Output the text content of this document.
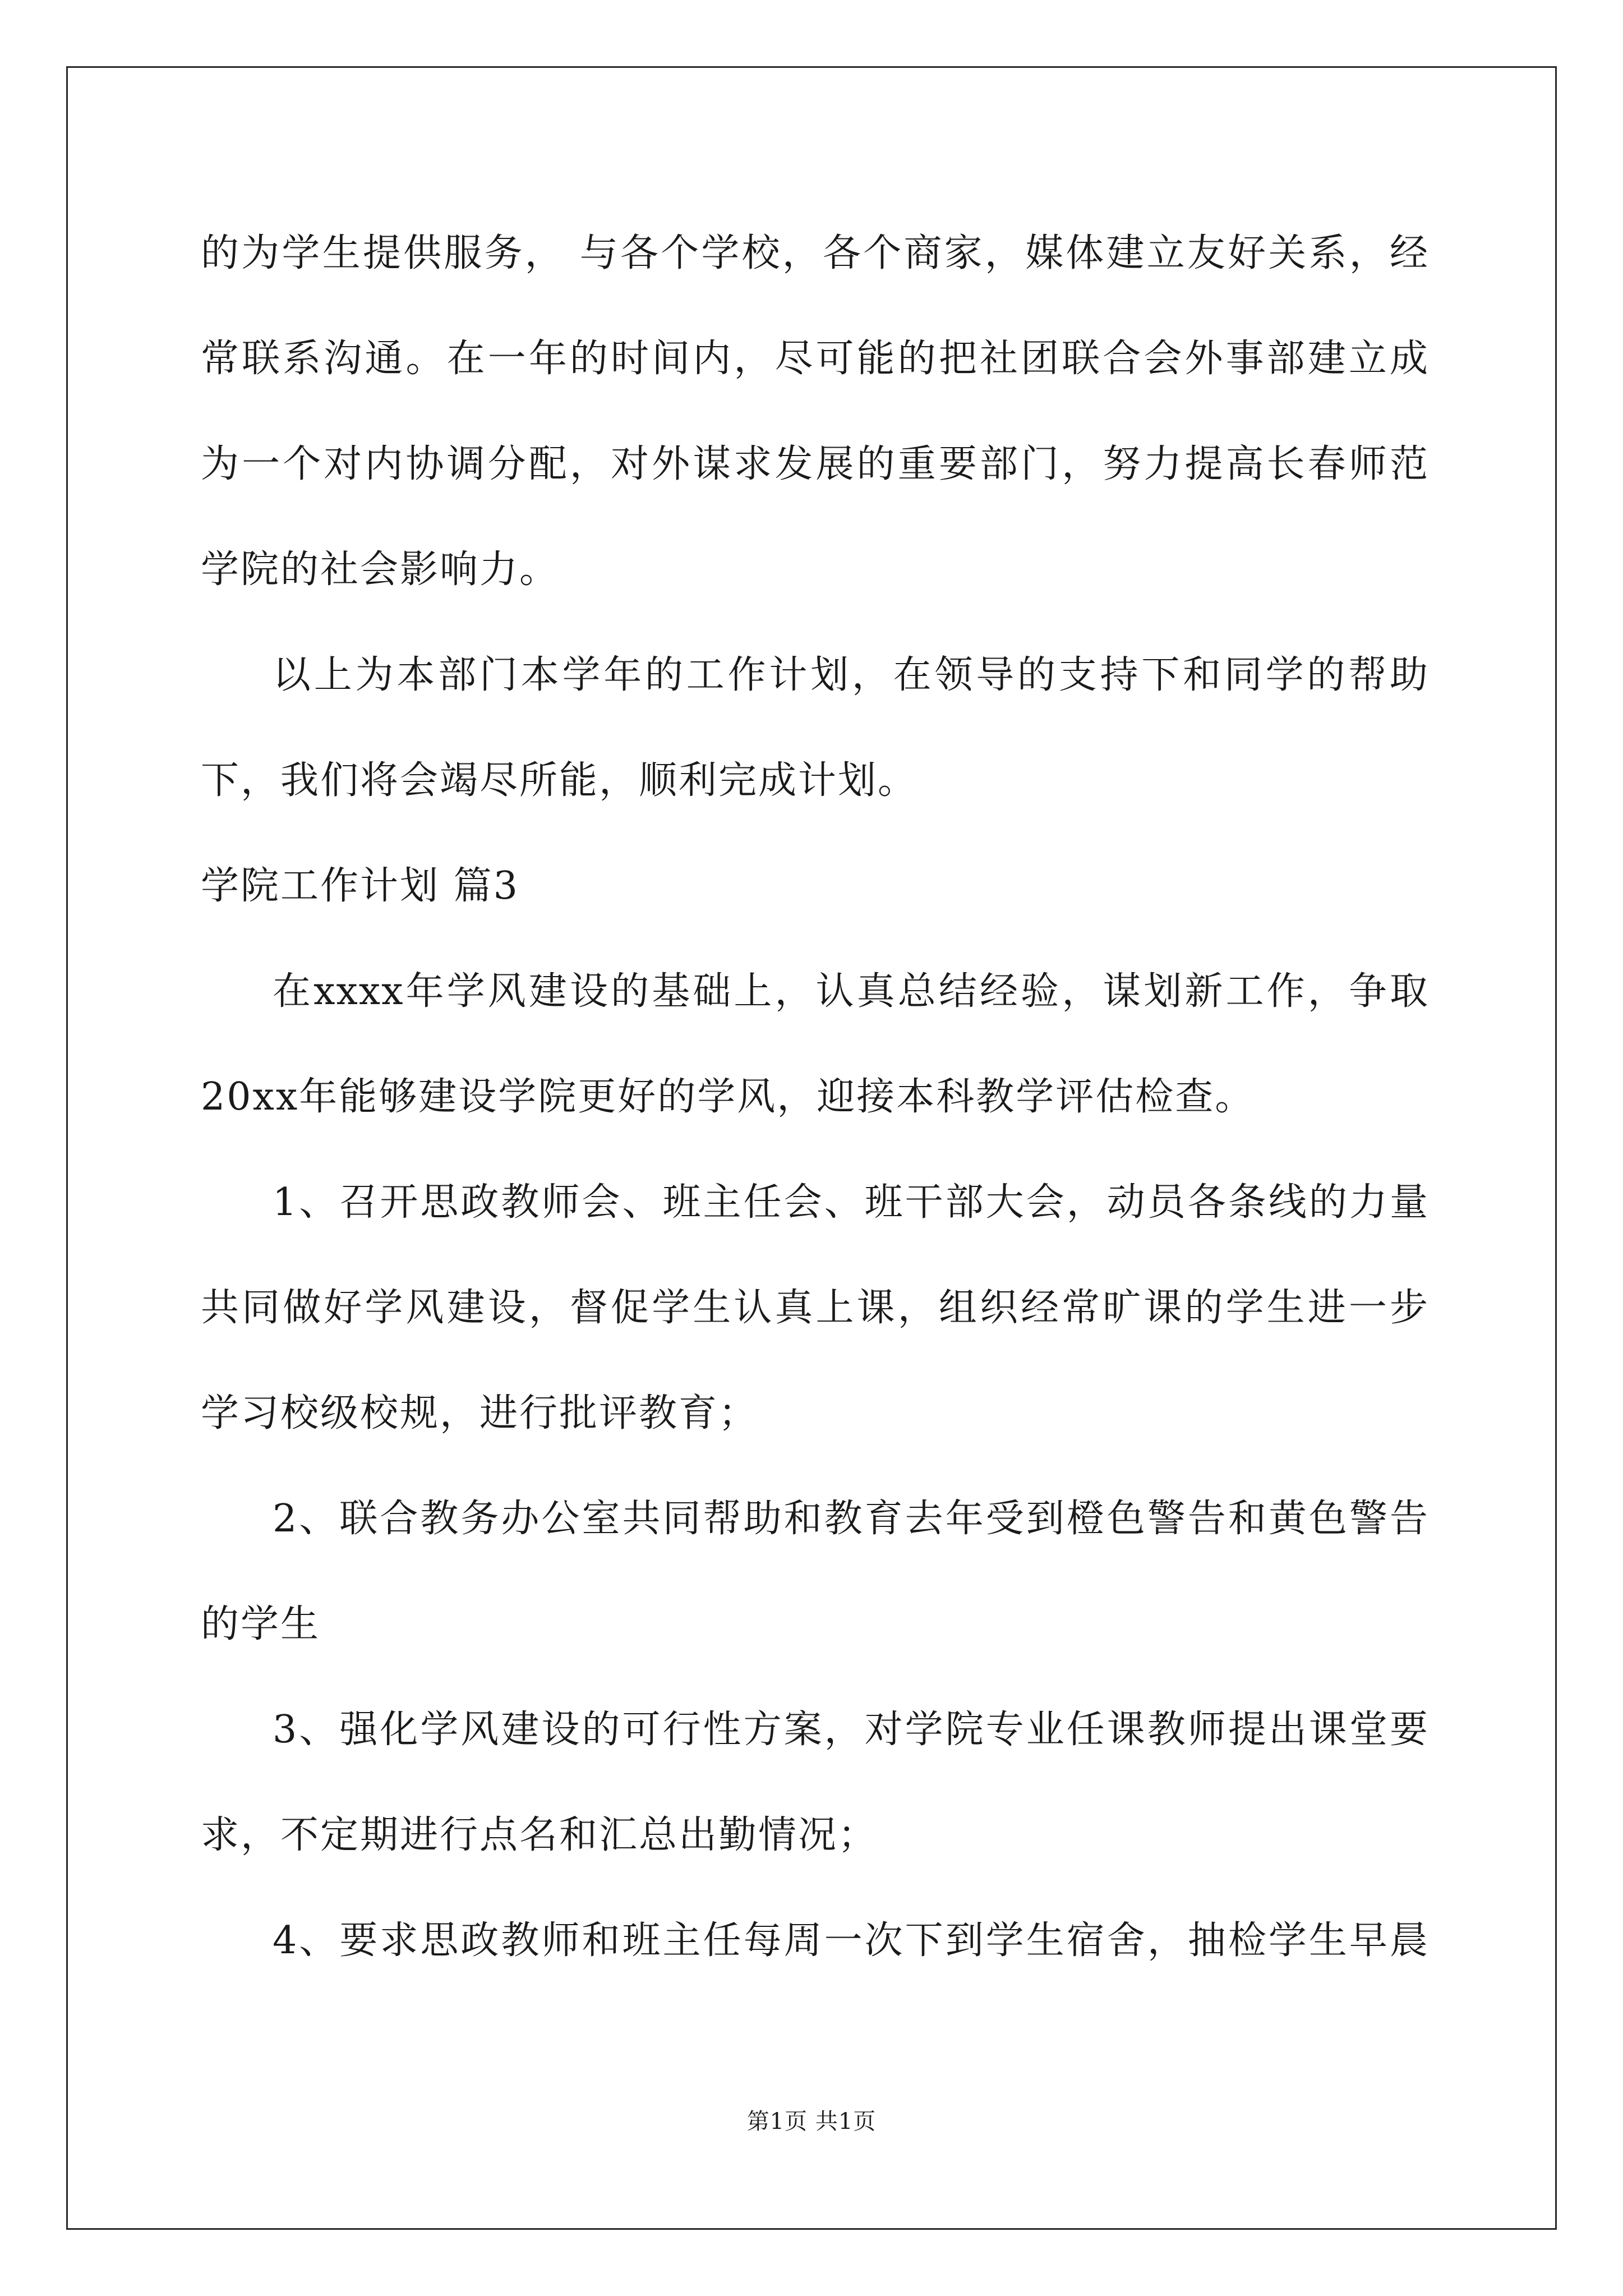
的为学生提供服务， 与各个学校，各个商家，媒体建立友好关系，经
常联系沟通。在一年的时间内，尽可能的把社团联合会外事部建立成
为一个对内协调分配，对外谋求发展的重要部门，努力提高长春师范
学院的社会影响力。
以上为本部门本学年的工作计划，在领导的支持下和同学的帮助
下，我们将会竭尽所能，顺利完成计划。
学院工作计划 篇3
在xxxx年学风建设的基础上，认真总结经验，谋划新工作，争取
20xx年能够建设学院更好的学风，迎接本科教学评估检查。
1、召开思政教师会、班主任会、班干部大会，动员各条线的力量
共同做好学风建设，督促学生认真上课，组织经常旷课的学生进一步
学习校级校规，进行批评教育；
2、联合教务办公室共同帮助和教育去年受到橙色警告和黄色警告
的学生
3、强化学风建设的可行性方案，对学院专业任课教师提出课堂要
求，不定期进行点名和汇总出勤情况；
4、要求思政教师和班主任每周一次下到学生宿舍，抽检学生早晨
第1页 共1页
